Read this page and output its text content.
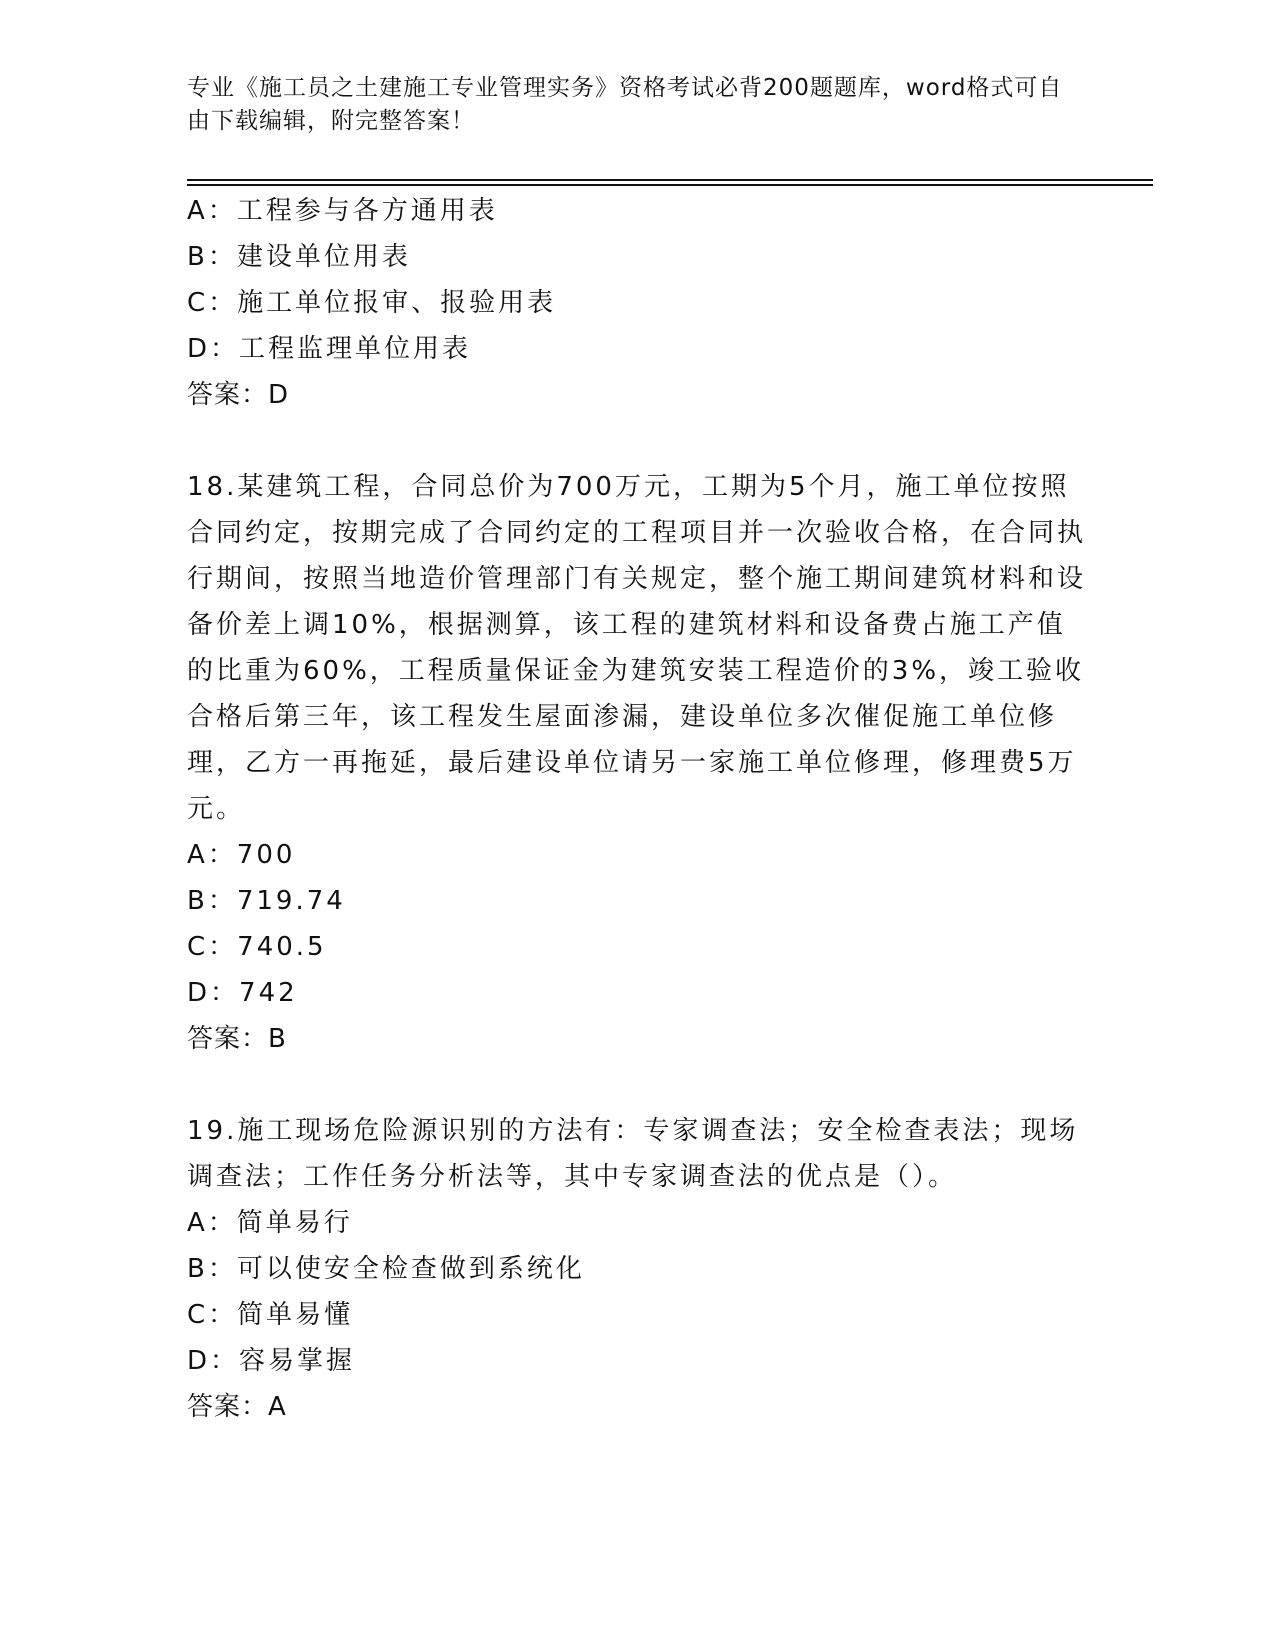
专业《施工员之土建施工专业管理实务》资格考试必背200题题库，word格式可自由下载编辑，附完整答案！
A：工程参与各方通用表
B：建设单位用表
C：施工单位报审、报验用表
D：工程监理单位用表
答案：D
18.某建筑工程，合同总价为700万元，工期为5个月，施工单位按照合同约定，按期完成了合同约定的工程项目并一次验收合格，在合同执行期间，按照当地造价管理部门有关规定，整个施工期间建筑材料和设备价差上调10%，根据测算，该工程的建筑材料和设备费占施工产值的比重为60%，工程质量保证金为建筑安装工程造价的3%，竣工验收合格后第三年，该工程发生屋面渗漏，建设单位多次催促施工单位修理，乙方一再拖延，最后建设单位请另一家施工单位修理，修理费5万元。
A：700
B：719.74
C：740.5
D：742
答案：B
19.施工现场危险源识别的方法有：专家调查法；安全检查表法；现场调查法；工作任务分析法等，其中专家调查法的优点是（）。
A：简单易行
B：可以使安全检查做到系统化
C：简单易懂
D：容易掌握
答案：A
